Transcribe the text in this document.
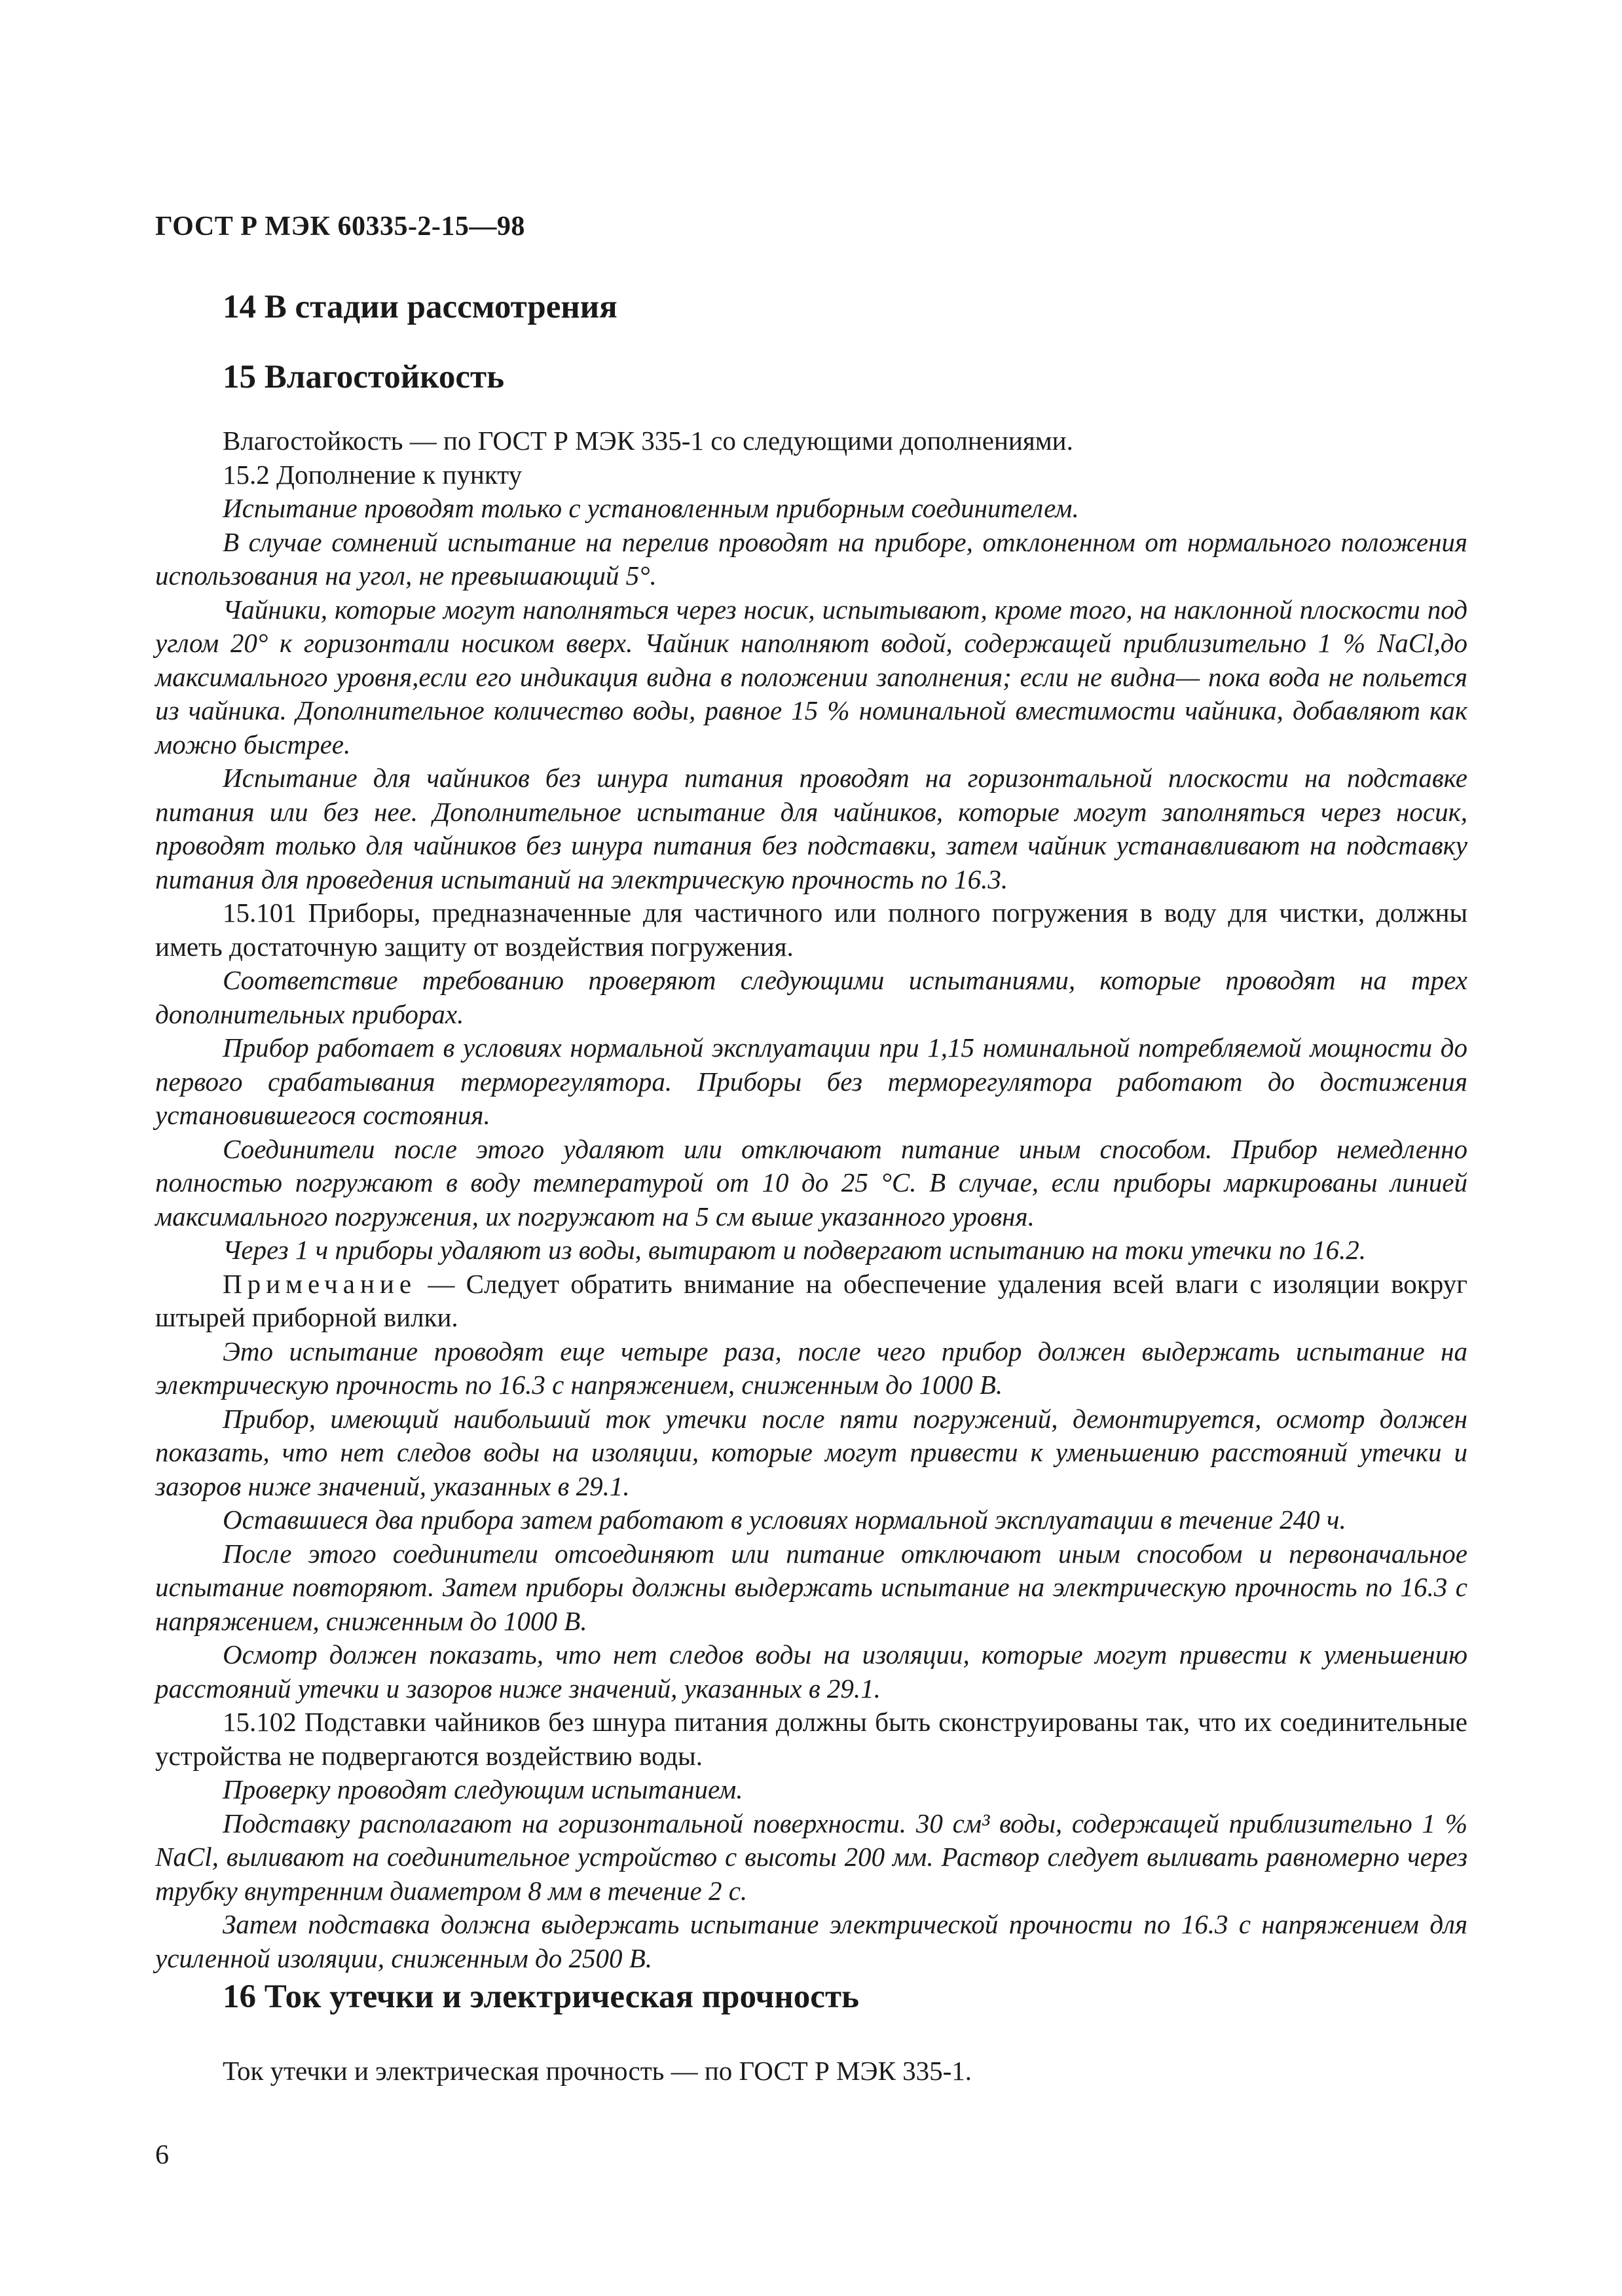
ГОСТ Р МЭК 60335-2-15—98
14 В стадии рассмотрения
15 Влагостойкость

Влагостойкость — по ГОСТ Р МЭК 335-1 со следующими дополнениями.

15.2 Дополнение к пункту

Испытание проводят только с установленным приборным соединителем.

В случае сомнений испытание на перелив проводят на приборе, отклоненном от нормального положения использования на угол, не превышающий 5°.

Чайники, которые могут наполняться через носик, испытывают, кроме того, на наклонной плоскости под углом 20° к горизонтали носиком вверх. Чайник наполняют водой, содержащей приблизительно 1 % NaCl,до максимального уровня,если его индикация видна в положении заполнения; если не видна— пока вода не польется из чайника. Дополнительное количество воды, равное 15 % номинальной вместимости чайника, добавляют как можно быстрее.

Испытание для чайников без шнура питания проводят на горизонтальной плоскости на подставке питания или без нее. Дополнительное испытание для чайников, которые могут заполняться через носик, проводят только для чайников без шнура питания без подставки, затем чайник устанавливают на подставку питания для проведения испытаний на электрическую прочность по 16.3.

15.101 Приборы, предназначенные для частичного или полного погружения в воду для чистки, должны иметь достаточную защиту от воздействия погружения.

Соответствие требованию проверяют следующими испытаниями, которые проводят на трех дополнительных приборах.

Прибор работает в условиях нормальной эксплуатации при 1,15 номинальной потребляемой мощности до первого срабатывания терморегулятора. Приборы без терморегулятора работают до достижения установившегося состояния.

Соединители после этого удаляют или отключают питание иным способом. Прибор немедленно полностью погружают в воду температурой от 10 до 25 °С. В случае, если приборы маркированы линией максимального погружения, их погружают на 5 см выше указанного уровня.

Через 1 ч приборы удаляют из воды, вытирают и подвергают испытанию на токи утечки по 16.2.

Примечание — Следует обратить внимание на обеспечение удаления всей влаги с изоляции вокруг штырей приборной вилки.

Это испытание проводят еще четыре раза, после чего прибор должен выдержать испытание на электрическую прочность по 16.3 с напряжением, сниженным до 1000 В.

Прибор, имеющий наибольший ток утечки после пяти погружений, демонтируется, осмотр должен показать, что нет следов воды на изоляции, которые могут привести к уменьшению расстояний утечки и зазоров ниже значений, указанных в 29.1.

Оставшиеся два прибора затем работают в условиях нормальной эксплуатации в течение 240 ч.

После этого соединители отсоединяют или питание отключают иным способом и первоначальное испытание повторяют. Затем приборы должны выдержать испытание на электрическую прочность по 16.3 с напряжением, сниженным до 1000 В.

Осмотр должен показать, что нет следов воды на изоляции, которые могут привести к уменьшению расстояний утечки и зазоров ниже значений, указанных в 29.1.

15.102 Подставки чайников без шнура питания должны быть сконструированы так, что их соединительные устройства не подвергаются воздействию воды.

Проверку проводят следующим испытанием.

Подставку располагают на горизонтальной поверхности. 30 см³ воды, содержащей приблизительно 1 % NaCl, выливают на соединительное устройство с высоты 200 мм. Раствор следует выливать равномерно через трубку внутренним диаметром 8 мм в течение 2 с.

Затем подставка должна выдержать испытание электрической прочности по 16.3 с напряжением для усиленной изоляции, сниженным до 2500 В.

16 Ток утечки и электрическая прочность

Ток утечки и электрическая прочность — по ГОСТ Р МЭК 335-1.

6
